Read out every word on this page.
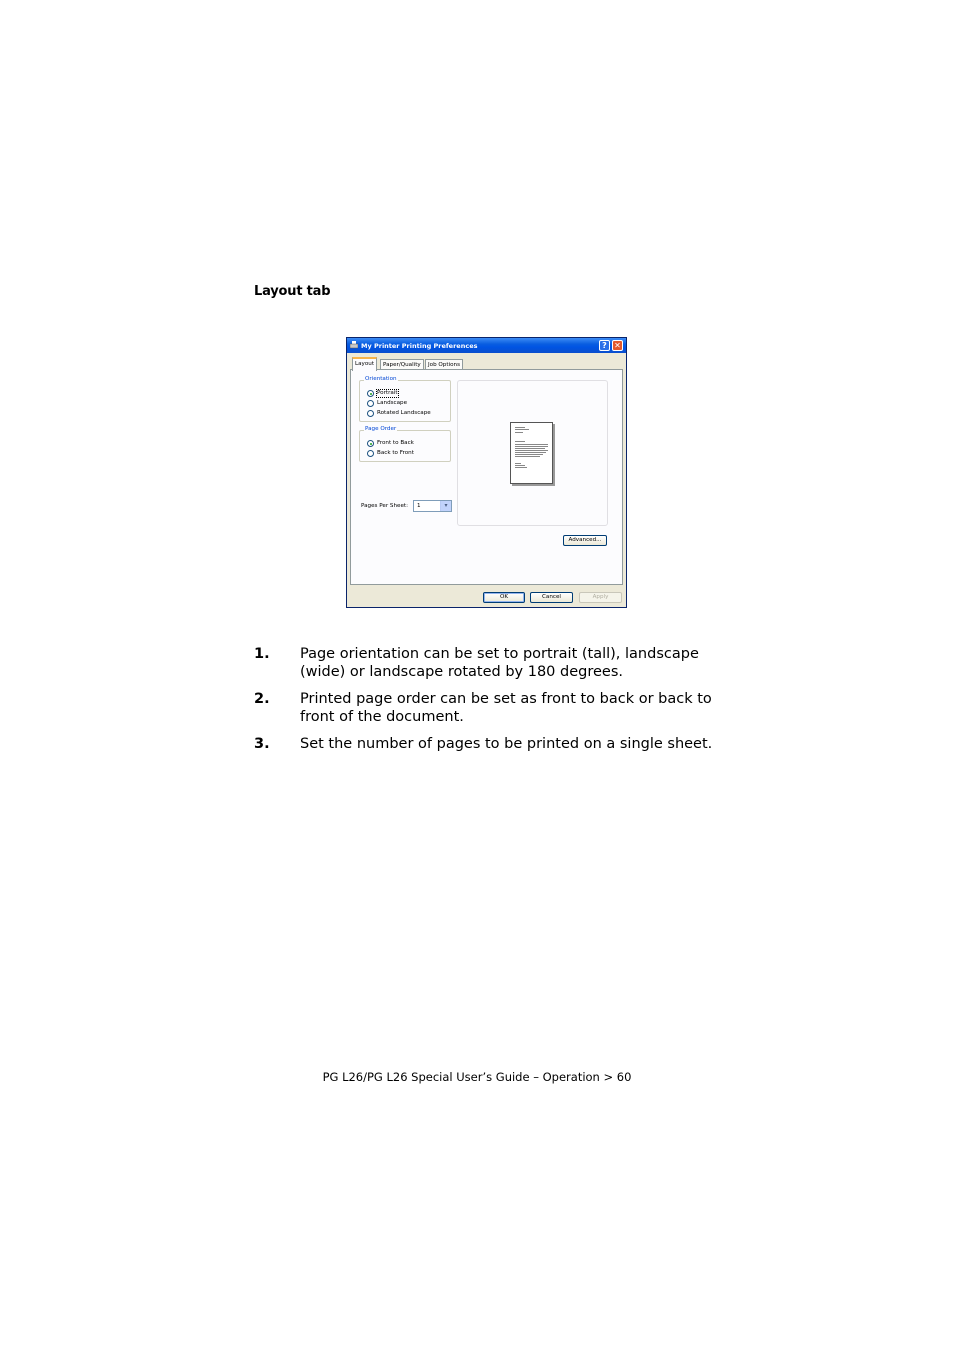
Layout tab
My Printer Printing Preferences	? ✕
Layout	Paper/Quality	Job Options
Orientation
Portrait
Landscape
Rotated Landscape
Page Order
Front to Back
Back to Front
Pages Per Sheet: 1	▾
Advanced...
OK	Cancel	Apply
1. Page orientation can be set to portrait (tall), landscape (wide) or landscape rotated by 180 degrees.
2. Printed page order can be set as front to back or back to front of the document.
3. Set the number of pages to be printed on a single sheet.
PG L26/PG L26 Special User’s Guide – Operation > 60
